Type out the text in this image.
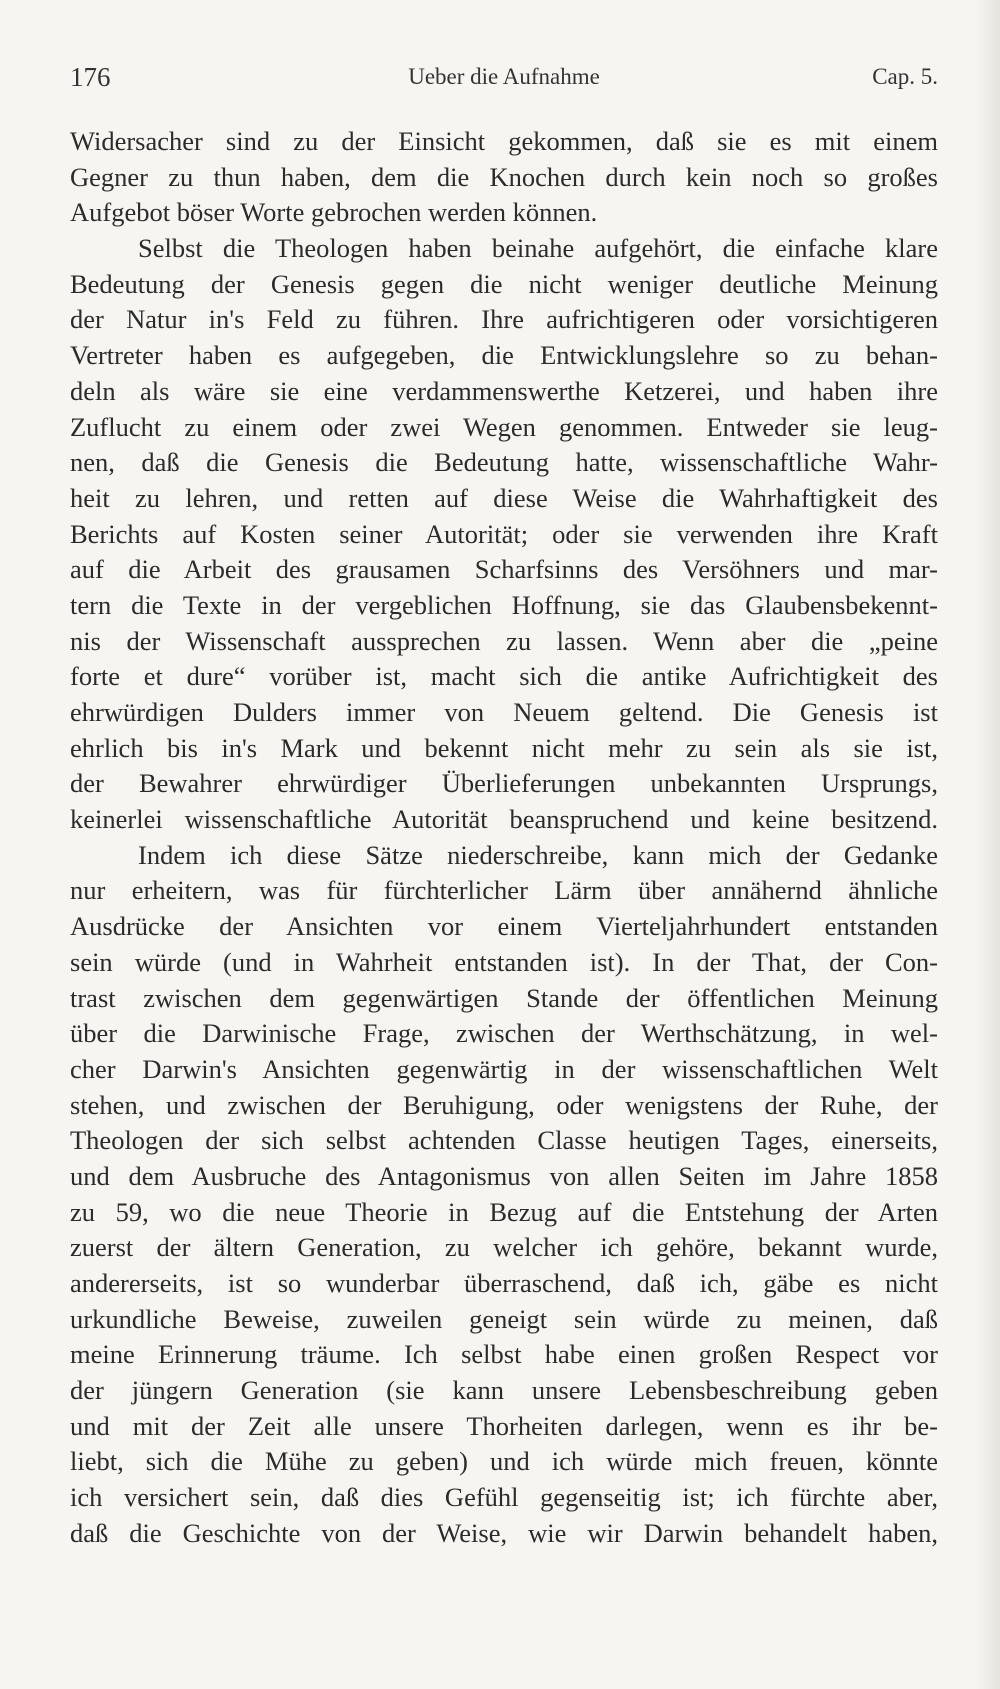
176	Ueber die Aufnahme	Cap. 5.
Widersacher sind zu der Einsicht gekommen, daß sie es mit einem
Gegner zu thun haben, dem die Knochen durch kein noch so großes
Aufgebot böser Worte gebrochen werden können.
Selbst die Theologen haben beinahe aufgehört, die einfache klare
Bedeutung der Genesis gegen die nicht weniger deutliche Meinung
der Natur in's Feld zu führen. Ihre aufrichtigeren oder vorsichtigeren
Vertreter haben es aufgegeben, die Entwicklungslehre so zu behan-
deln als wäre sie eine verdammenswerthe Ketzerei, und haben ihre
Zuflucht zu einem oder zwei Wegen genommen. Entweder sie leug-
nen, daß die Genesis die Bedeutung hatte, wissenschaftliche Wahr-
heit zu lehren, und retten auf diese Weise die Wahrhaftigkeit des
Berichts auf Kosten seiner Autorität; oder sie verwenden ihre Kraft
auf die Arbeit des grausamen Scharfsinns des Versöhners und mar-
tern die Texte in der vergeblichen Hoffnung, sie das Glaubensbekennt-
nis der Wissenschaft aussprechen zu lassen. Wenn aber die „peine
forte et dure“ vorüber ist, macht sich die antike Aufrichtigkeit des
ehrwürdigen Dulders immer von Neuem geltend. Die Genesis ist
ehrlich bis in's Mark und bekennt nicht mehr zu sein als sie ist,
der Bewahrer ehrwürdiger Überlieferungen unbekannten Ursprungs,
keinerlei wissenschaftliche Autorität beanspruchend und keine besitzend.
Indem ich diese Sätze niederschreibe, kann mich der Gedanke
nur erheitern, was für fürchterlicher Lärm über annähernd ähnliche
Ausdrücke der Ansichten vor einem Vierteljahrhundert entstanden
sein würde (und in Wahrheit entstanden ist). In der That, der Con-
trast zwischen dem gegenwärtigen Stande der öffentlichen Meinung
über die Darwinische Frage, zwischen der Werthschätzung, in wel-
cher Darwin's Ansichten gegenwärtig in der wissenschaftlichen Welt
stehen, und zwischen der Beruhigung, oder wenigstens der Ruhe, der
Theologen der sich selbst achtenden Classe heutigen Tages, einerseits,
und dem Ausbruche des Antagonismus von allen Seiten im Jahre 1858
zu 59, wo die neue Theorie in Bezug auf die Entstehung der Arten
zuerst der ältern Generation, zu welcher ich gehöre, bekannt wurde,
andererseits, ist so wunderbar überraschend, daß ich, gäbe es nicht
urkundliche Beweise, zuweilen geneigt sein würde zu meinen, daß
meine Erinnerung träume. Ich selbst habe einen großen Respect vor
der jüngern Generation (sie kann unsere Lebensbeschreibung geben
und mit der Zeit alle unsere Thorheiten darlegen, wenn es ihr be-
liebt, sich die Mühe zu geben) und ich würde mich freuen, könnte
ich versichert sein, daß dies Gefühl gegenseitig ist; ich fürchte aber,
daß die Geschichte von der Weise, wie wir Darwin behandelt haben,
